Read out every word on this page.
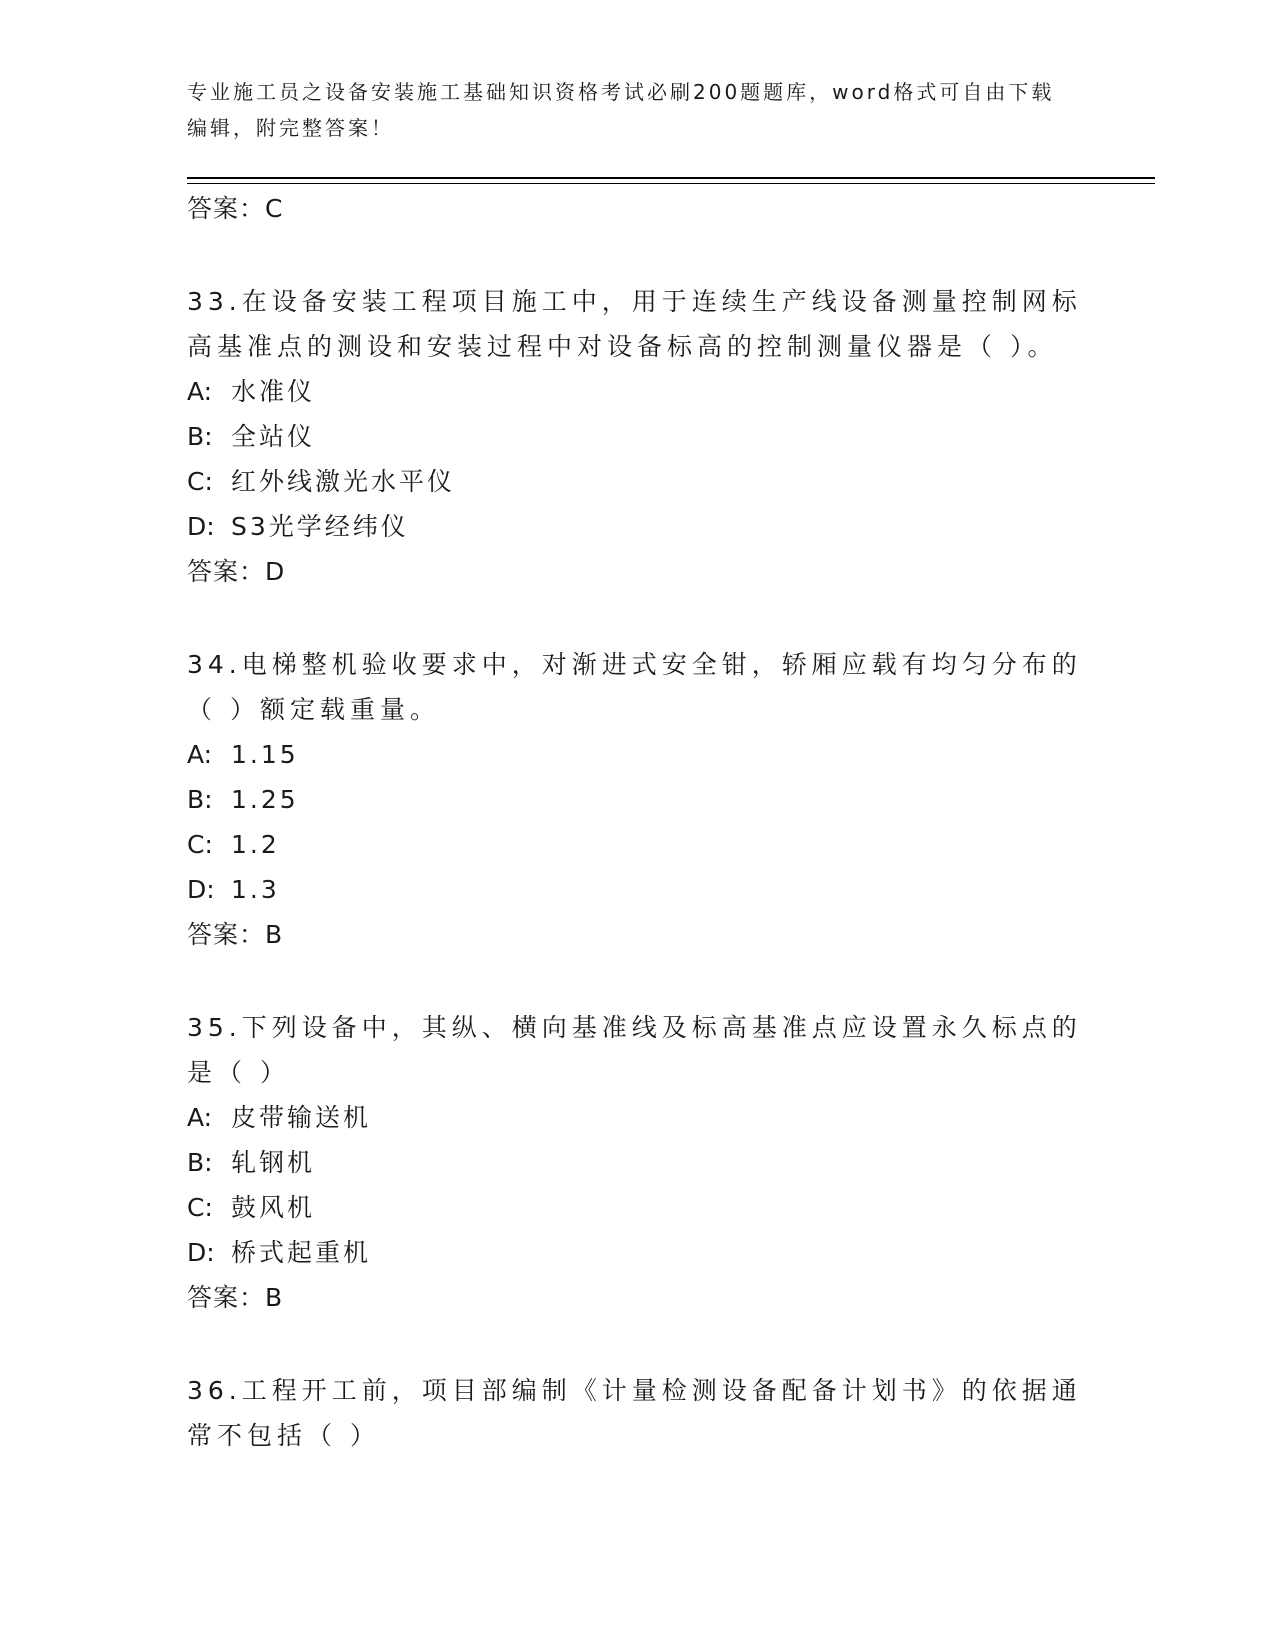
专业施工员之设备安装施工基础知识资格考试必刷200题题库，word格式可自由下载编辑，附完整答案！
答案：C
33.在设备安装工程项目施工中，用于连续生产线设备测量控制网标高基准点的测设和安装过程中对设备标高的控制测量仪器是（ ）。
A: 水准仪
B: 全站仪
C: 红外线激光水平仪
D: S3光学经纬仪
答案：D
34.电梯整机验收要求中，对渐进式安全钳，轿厢应载有均匀分布的（ ）额定载重量。
A: 1.15
B: 1.25
C: 1.2
D: 1.3
答案：B
35.下列设备中，其纵、横向基准线及标高基准点应设置永久标点的是（ ）
A: 皮带输送机
B: 轧钢机
C: 鼓风机
D: 桥式起重机
答案：B
36.工程开工前，项目部编制《计量检测设备配备计划书》的依据通常不包括（ ）
